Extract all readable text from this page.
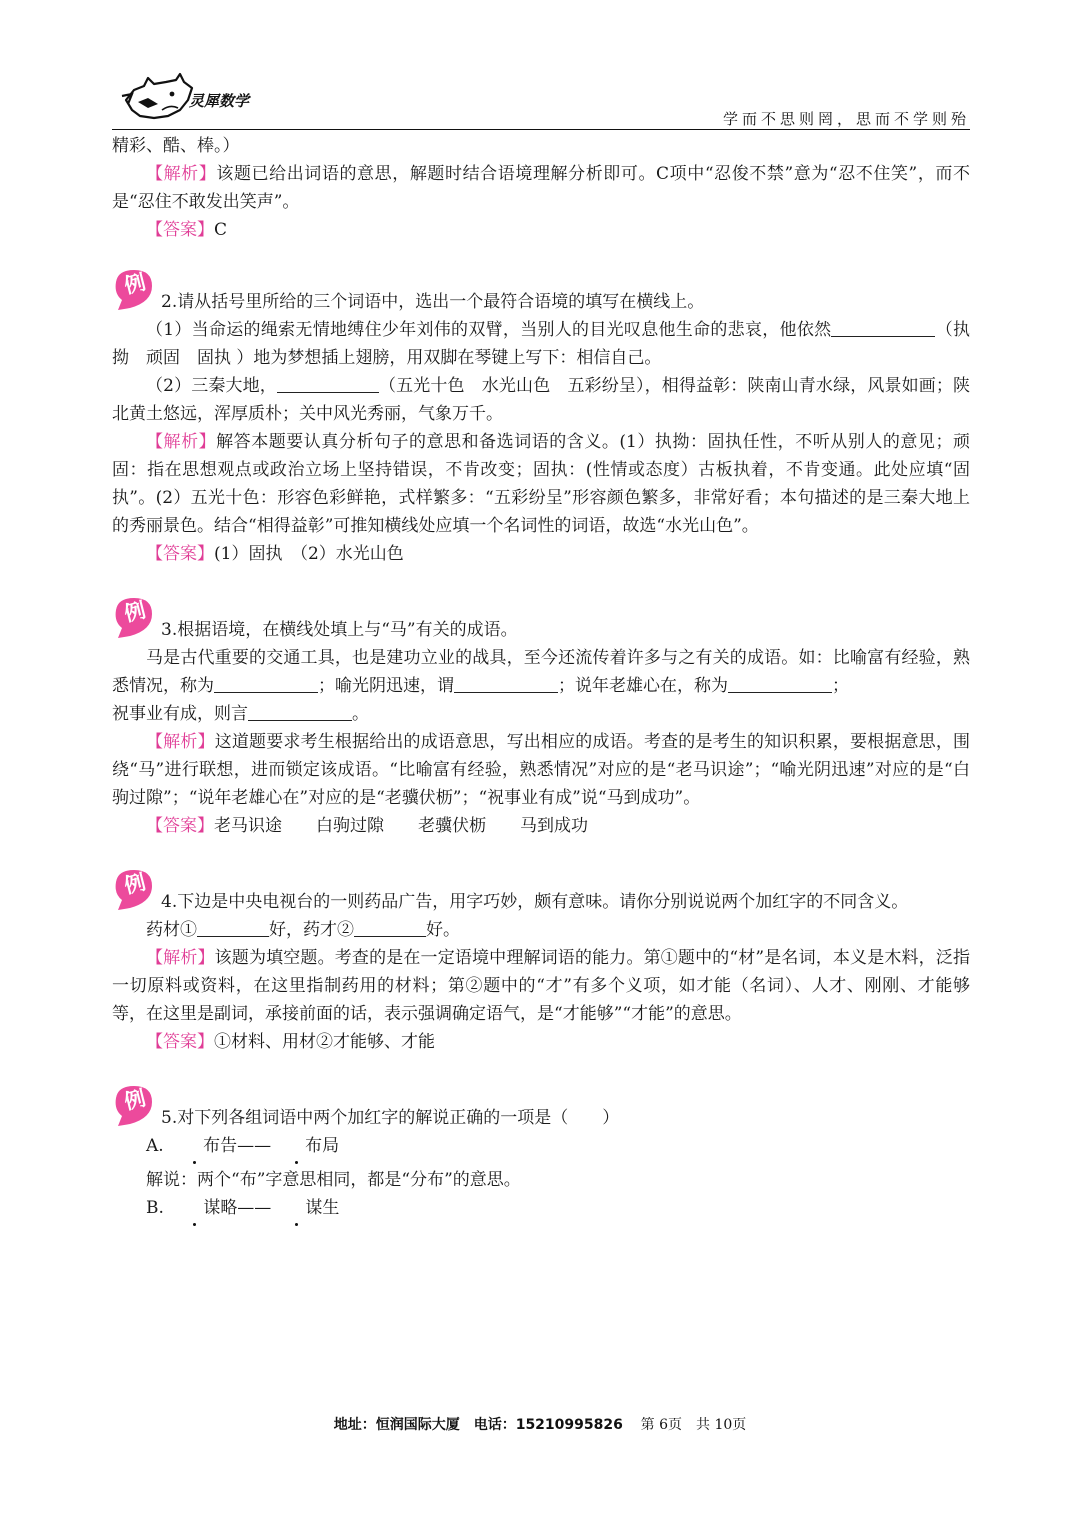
灵犀数学
学而不思则罔，思而不学则殆

精彩、酷、棒。）

【解析】该题已给出词语的意思，解题时结合语境理解分析即可。C项中“忍俊不禁”意为“忍不住笑”，而不是“忍住不敢发出笑声”。

【答案】C

例

2.请从括号里所给的三个词语中，选出一个最符合语境的填写在横线上。

（1）当命运的绳索无情地缚住少年刘伟的双臂，当别人的目光叹息他生命的悲哀，他依然	（执拗　顽固　固执 ）地为梦想插上翅膀，用双脚在琴键上写下：相信自己。

（2）三秦大地，	（五光十色　水光山色　五彩纷呈），相得益彰：陕南山青水绿，风景如画；陕北黄土悠远，浑厚质朴；关中风光秀丽，气象万千。

【解析】解答本题要认真分析句子的意思和备选词语的含义。(1）执拗：固执任性，不听从别人的意见；顽固：指在思想观点或政治立场上坚持错误，不肯改变；固执：(性情或态度）古板执着，不肯变通。此处应填“固执”。(2）五光十色：形容色彩鲜艳，式样繁多：“五彩纷呈”形容颜色繁多，非常好看；本句描述的是三秦大地上的秀丽景色。结合“相得益彰”可推知横线处应填一个名词性的词语，故选“水光山色”。

【答案】(1）固执　（2）水光山色

例

3.根据语境，在横线处填上与“马”有关的成语。

马是古代重要的交通工具，也是建功立业的战具，至今还流传着许多与之有关的成语。如：比喻富有经验，熟悉情况，称为	；喻光阴迅速，谓	；说年老雄心在，称为	；

祝事业有成，则言	。

【解析】这道题要求考生根据给出的成语意思，写出相应的成语。考查的是考生的知识积累，要根据意思，围绕“马”进行联想，进而锁定该成语。“比喻富有经验，熟悉情况”对应的是“老马识途”；“喻光阴迅速”对应的是“白驹过隙”；“说年老雄心在”对应的是“老骥伏枥”；“祝事业有成”说“马到成功”。

【答案】老马识途　　白驹过隙　　老骥伏枥　　马到成功

例

4.下边是中央电视台的一则药品广告，用字巧妙，颇有意味。请你分别说说两个加红字的不同含义。

药材①	好，药才②	好。

【解析】该题为填空题。考查的是在一定语境中理解词语的能力。第①题中的“材”是名词，本义是木料，泛指一切原料或资料，在这里指制药用的材料；第②题中的“才”有多个义项，如才能（名词）、人才、刚刚、才能够等，在这里是副词，承接前面的话，表示强调确定语气，是“才能够”“才能”的意思。

【答案】①材料、用材②才能够、才能

例

5.对下列各组词语中两个加红字的解说正确的一项是（　　）

A. 布告—— 布局

解说：两个“布”字意思相同，都是“分布”的意思。

B. 谋略—— 谋生

地址：恒润国际大厦　电话：15210995826 第 6页　共 10页
